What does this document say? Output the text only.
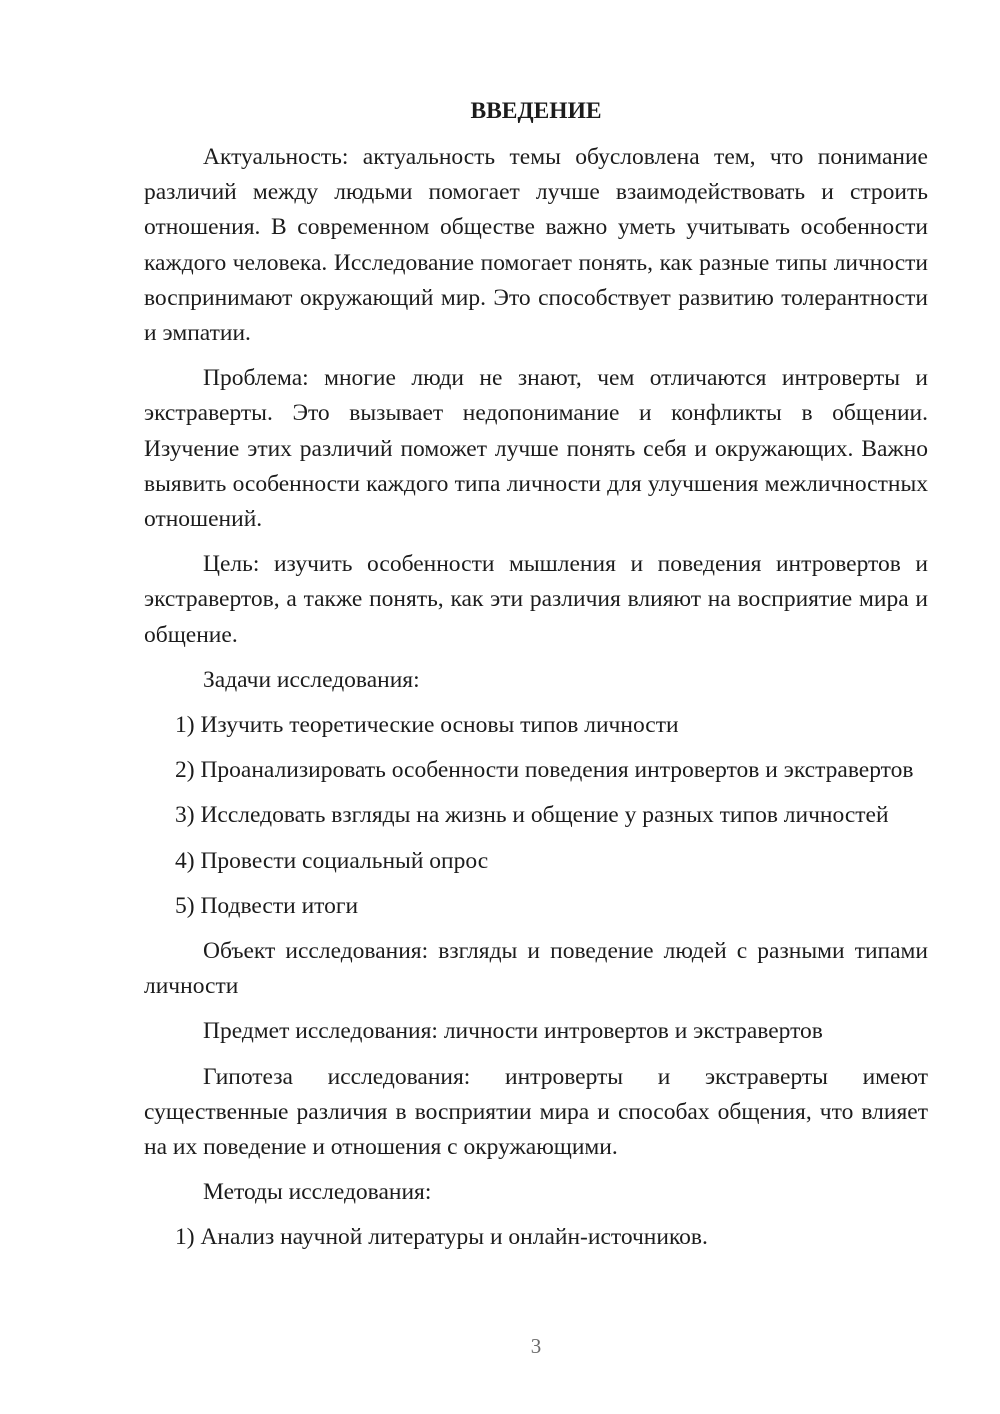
ВВЕДЕНИЕ

Актуальность: актуальность темы обусловлена тем, что понимание различий между людьми помогает лучше взаимодействовать и строить отношения. В современном обществе важно уметь учитывать особенности каждого человека. Исследование помогает понять, как разные типы личности воспринимают окружающий мир. Это способствует развитию толерантности и эмпатии.

Проблема: многие люди не знают, чем отличаются интроверты и экстраверты. Это вызывает недопонимание и конфликты в общении. Изучение этих различий поможет лучше понять себя и окружающих. Важно выявить особенности каждого типа личности для улучшения межличностных отношений.

Цель: изучить особенности мышления и поведения интровертов и экстравертов, а также понять, как эти различия влияют на восприятие мира и общение.

Задачи исследования:

1) Изучить теоретические основы типов личности

2) Проанализировать особенности поведения интровертов и экстравертов

3) Исследовать взгляды на жизнь и общение у разных типов личностей

4) Провести социальный опрос

5) Подвести итоги

Объект исследования: взгляды и поведение людей с разными типами личности

Предмет исследования: личности интровертов и экстравертов

Гипотеза исследования: интроверты и экстраверты имеют существенные различия в восприятии мира и способах общения, что влияет на их поведение и отношения с окружающими.

Методы исследования:

1) Анализ научной литературы и онлайн-источников.

3
